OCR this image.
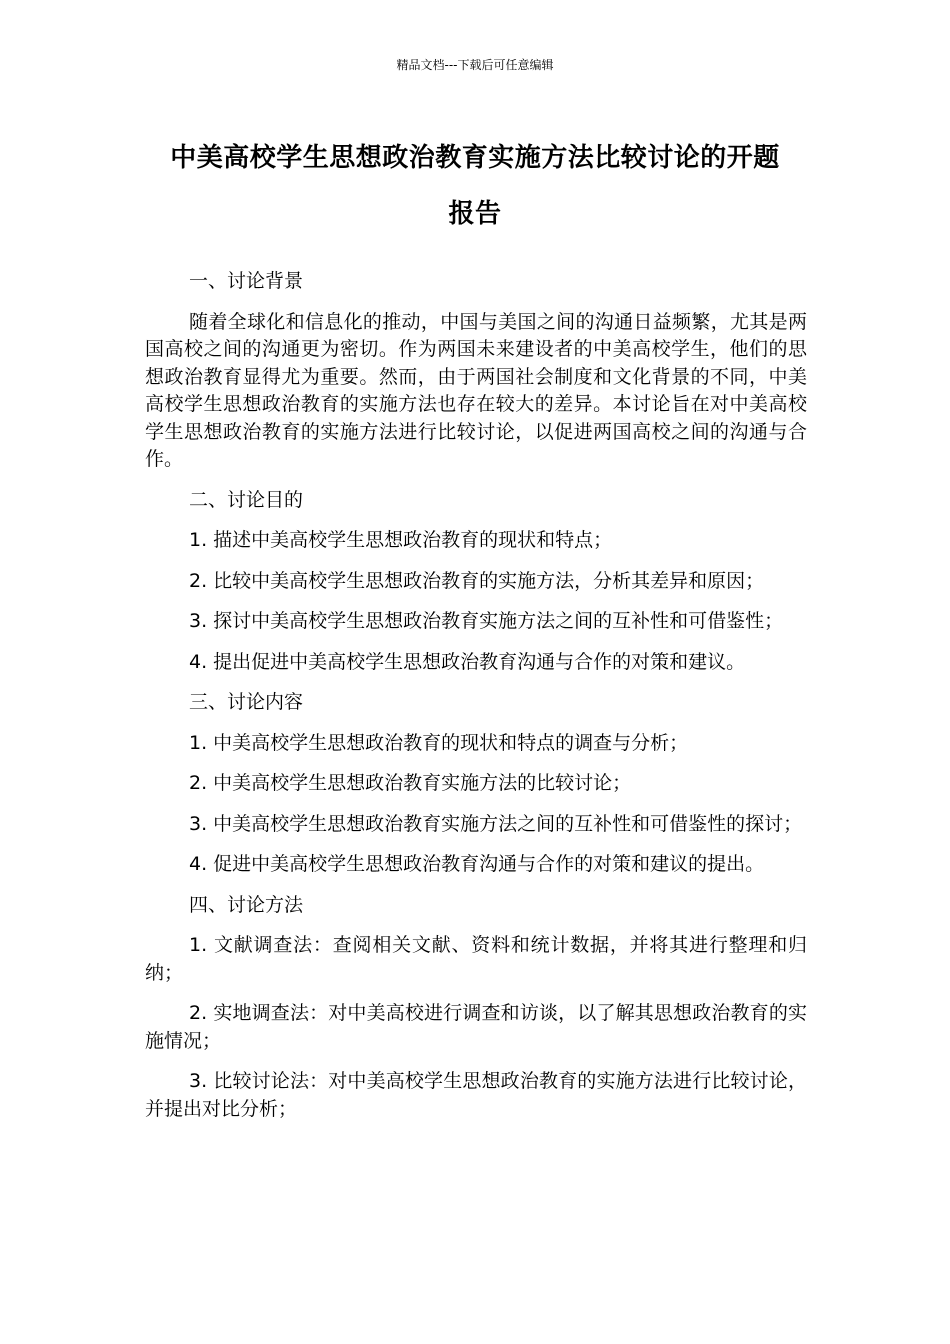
精品文档---下载后可任意编辑
中美高校学生思想政治教育实施方法比较讨论的开题
报告

一、讨论背景

随着全球化和信息化的推动，中国与美国之间的沟通日益频繁，尤其是两国高校之间的沟通更为密切。作为两国未来建设者的中美高校学生，他们的思想政治教育显得尤为重要。然而，由于两国社会制度和文化背景的不同，中美高校学生思想政治教育的实施方法也存在较大的差异。本讨论旨在对中美高校学生思想政治教育的实施方法进行比较讨论，以促进两国高校之间的沟通与合作。

二、讨论目的

1. 描述中美高校学生思想政治教育的现状和特点；

2. 比较中美高校学生思想政治教育的实施方法，分析其差异和原因；

3. 探讨中美高校学生思想政治教育实施方法之间的互补性和可借鉴性；

4. 提出促进中美高校学生思想政治教育沟通与合作的对策和建议。

三、讨论内容

1. 中美高校学生思想政治教育的现状和特点的调查与分析；

2. 中美高校学生思想政治教育实施方法的比较讨论；

3. 中美高校学生思想政治教育实施方法之间的互补性和可借鉴性的探讨；

4. 促进中美高校学生思想政治教育沟通与合作的对策和建议的提出。

四、讨论方法

1. 文献调查法：查阅相关文献、资料和统计数据，并将其进行整理和归纳；

2. 实地调查法：对中美高校进行调查和访谈，以了解其思想政治教育的实施情况；

3. 比较讨论法：对中美高校学生思想政治教育的实施方法进行比较讨论，并提出对比分析；
